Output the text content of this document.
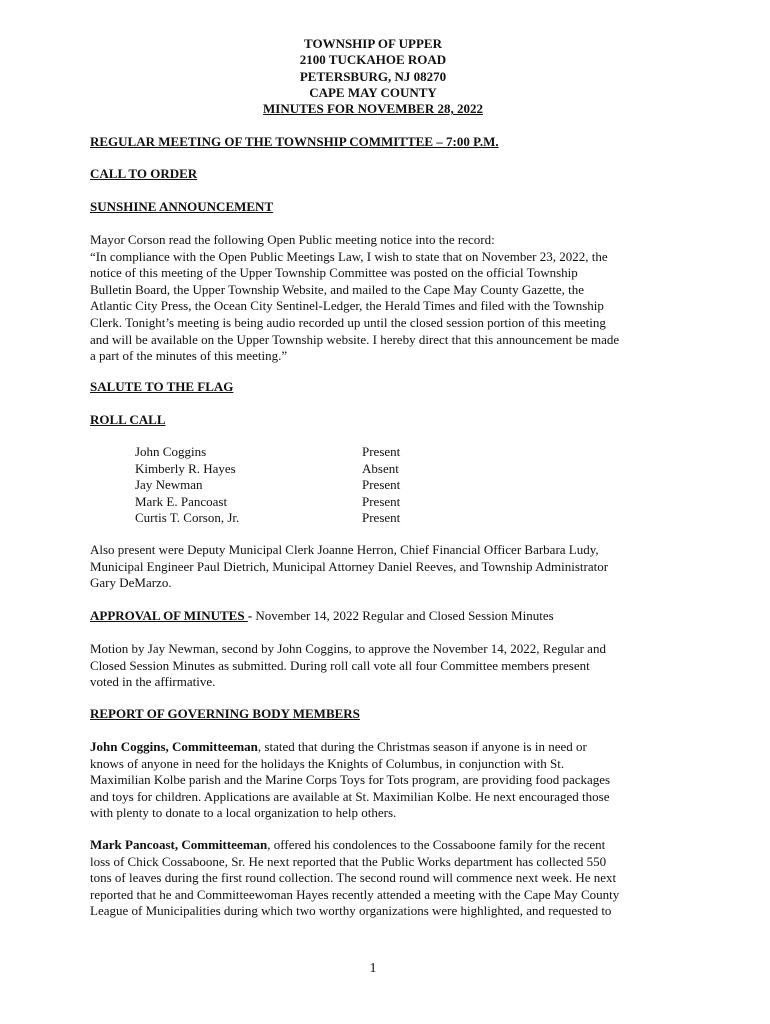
TOWNSHIP OF UPPER
2100 TUCKAHOE ROAD
PETERSBURG, NJ 08270
CAPE MAY COUNTY
MINUTES FOR NOVEMBER 28, 2022
REGULAR MEETING OF THE TOWNSHIP COMMITTEE – 7:00 P.M.
CALL TO ORDER
SUNSHINE ANNOUNCEMENT
Mayor Corson read the following Open Public meeting notice into the record:
“In compliance with the Open Public Meetings Law, I wish to state that on November 23, 2022, the
notice of this meeting of the Upper Township Committee was posted on the official Township
Bulletin Board, the Upper Township Website, and mailed to the Cape May County Gazette, the
Atlantic City Press, the Ocean City Sentinel-Ledger, the Herald Times and filed with the Township
Clerk. Tonight’s meeting is being audio recorded up until the closed session portion of this meeting
and will be available on the Upper Township website. I hereby direct that this announcement be made
a part of the minutes of this meeting.”
SALUTE TO THE FLAG
ROLL CALL
John Coggins	Present
Kimberly R. Hayes	Absent
Jay Newman	Present
Mark E. Pancoast	Present
Curtis T. Corson, Jr.	Present
Also present were Deputy Municipal Clerk Joanne Herron, Chief Financial Officer Barbara Ludy,
Municipal Engineer Paul Dietrich, Municipal Attorney Daniel Reeves, and Township Administrator
Gary DeMarzo.
APPROVAL OF MINUTES - November 14, 2022 Regular and Closed Session Minutes
Motion by Jay Newman, second by John Coggins, to approve the November 14, 2022, Regular and
Closed Session Minutes as submitted. During roll call vote all four Committee members present
voted in the affirmative.
REPORT OF GOVERNING BODY MEMBERS
John Coggins, Committeeman, stated that during the Christmas season if anyone is in need or
knows of anyone in need for the holidays the Knights of Columbus, in conjunction with St.
Maximilian Kolbe parish and the Marine Corps Toys for Tots program, are providing food packages
and toys for children. Applications are available at St. Maximilian Kolbe. He next encouraged those
with plenty to donate to a local organization to help others.
Mark Pancoast, Committeeman, offered his condolences to the Cossaboone family for the recent
loss of Chick Cossaboone, Sr. He next reported that the Public Works department has collected 550
tons of leaves during the first round collection. The second round will commence next week. He next
reported that he and Committeewoman Hayes recently attended a meeting with the Cape May County
League of Municipalities during which two worthy organizations were highlighted, and requested to
1
